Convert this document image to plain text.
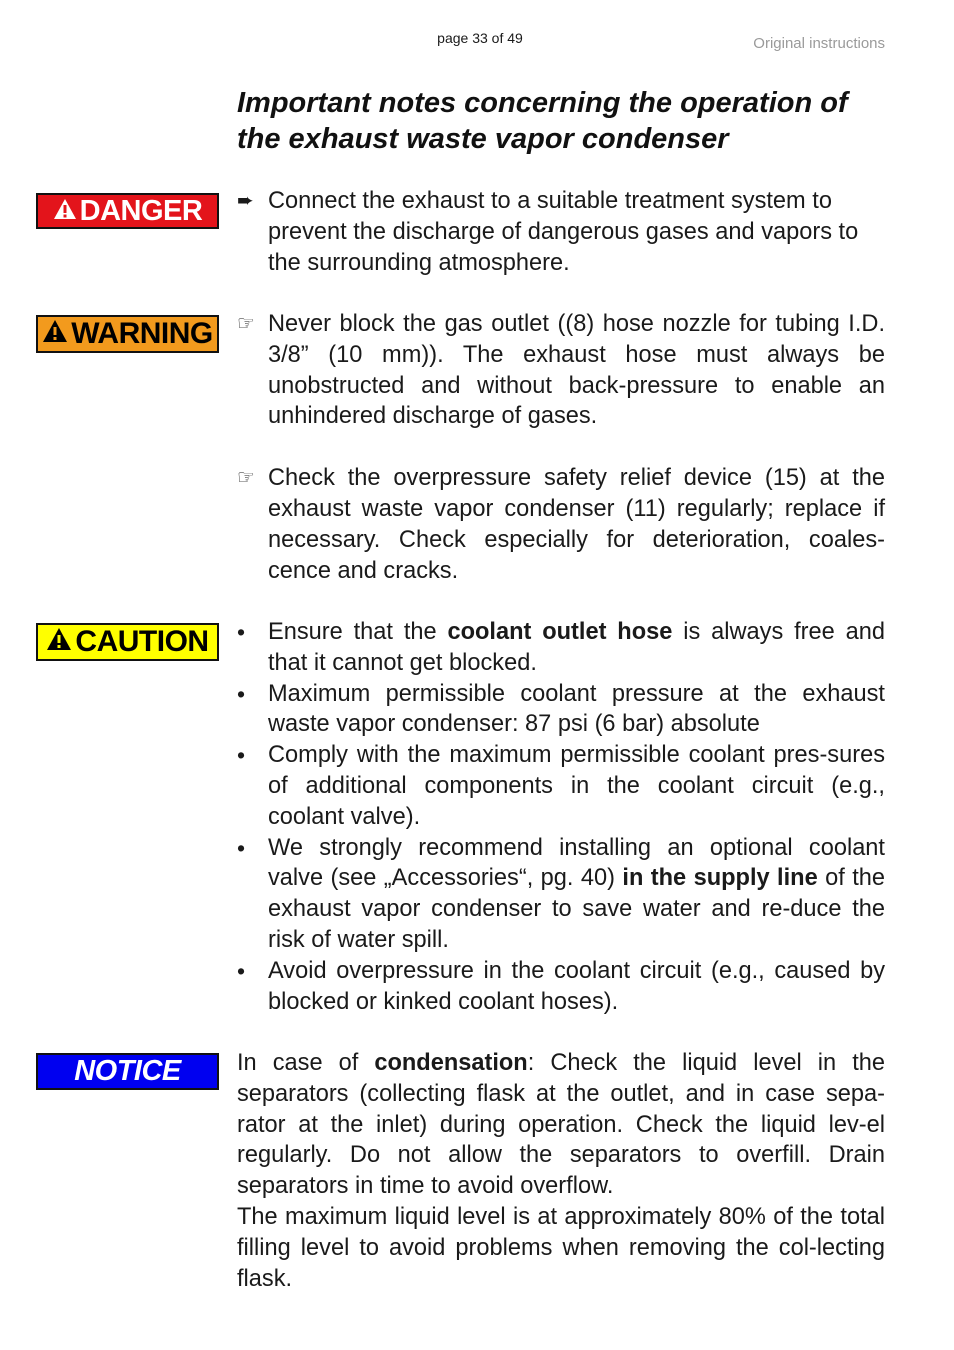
page 33 of 49	Original instructions
Important notes concerning the operation of
the exhaust waste vapor condenser
DANGER ➨ Connect the exhaust to a suitable treatment system to prevent the discharge of dangerous gases and vapors to the surrounding atmosphere.
WARNING ☞ Never block the gas outlet ((8) hose nozzle for tubing I.D. 3/8” (10 mm)). The exhaust hose must always be unobstructed and without back-pressure to enable an unhindered discharge of gases.
☞ Check the overpressure safety relief device (15) at the exhaust waste vapor condenser (11) regularly; replace if necessary. Check especially for deterioration, coales-cence and cracks.
CAUTION • Ensure that the coolant outlet hose is always free and that it cannot get blocked.
• Maximum permissible coolant pressure at the exhaust waste vapor condenser: 87 psi (6 bar) absolute
• Comply with the maximum permissible coolant pres-sures of additional components in the coolant circuit (e.g., coolant valve).
• We strongly recommend installing an optional coolant valve (see „Accessories“, pg. 40) in the supply line of the exhaust vapor condenser to save water and re-duce the risk of water spill.
• Avoid overpressure in the coolant circuit (e.g., caused by blocked or kinked coolant hoses).
NOTICE In case of condensation: Check the liquid level in the separators (collecting flask at the outlet, and in case sepa-rator at the inlet) during operation. Check the liquid lev-el regularly. Do not allow the separators to overfill. Drain separators in time to avoid overflow.
The maximum liquid level is at approximately 80% of the total filling level to avoid problems when removing the col-lecting flask.
